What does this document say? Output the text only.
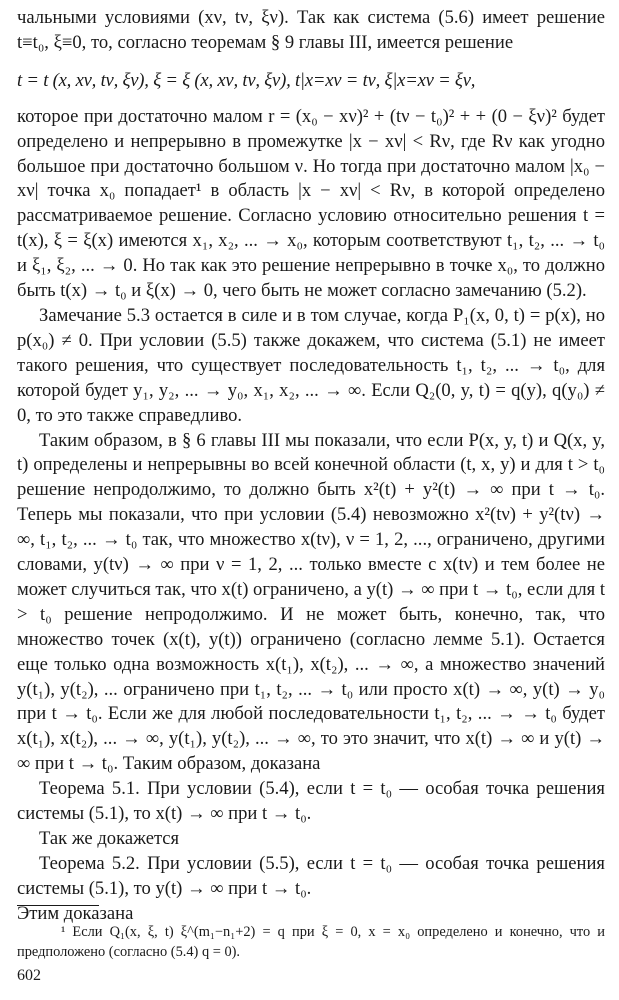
чальными условиями (xν, tν, ξν). Так как система (5.6) имеет решение t≡t₀, ξ≡0, то, согласно теоремам § 9 главы III, имеется решение

t = t (x, xν, tν, ξν), ξ = ξ (x, xν, tν, ξν), t|x=xν = tν, ξ|x=xν = ξν,

которое при достаточно малом r = (x₀ − xν)² + (tν − t₀)² + + (0 − ξν)² будет определено и непрерывно в промежутке |x − xν| < Rν, где Rν как угодно большое при достаточно большом ν. Но тогда при достаточно малом |x₀ − xν| точка x₀ попадает¹ в область |x − xν| < Rν, в которой определено рассматриваемое решение. Согласно условию относительно решения t = t(x), ξ = ξ(x) имеются x₁, x₂, ... → x₀, которым соответствуют t₁, t₂, ... → t₀ и ξ₁, ξ₂, ... → 0. Но так как это решение непрерывно в точке x₀, то должно быть t(x) → t₀ и ξ(x) → 0, чего быть не может согласно замечанию (5.2).

Замечание 5.3 остается в силе и в том случае, когда P₁(x, 0, t) = p(x), но p(x₀) ≠ 0. При условии (5.5) также докажем, что система (5.1) не имеет такого решения, что существует последовательность t₁, t₂, ... → t₀, для которой будет y₁, y₂, ... → y₀, x₁, x₂, ... → ∞. Если Q₂(0, y, t) = q(y), q(y₀) ≠ 0, то это также справедливо.

Таким образом, в § 6 главы III мы показали, что если P(x, y, t) и Q(x, y, t) определены и непрерывны во всей конечной области (t, x, y) и для t > t₀ решение непродолжимо, то должно быть x²(t) + y²(t) → ∞ при t → t₀. Теперь мы показали, что при условии (5.4) невозможно x²(tν) + y²(tν) → ∞, t₁, t₂, ... → t₀ так, что множество x(tν), ν = 1, 2, ..., ограничено, другими словами, y(tν) → ∞ при ν = 1, 2, ... только вместе с x(tν) и тем более не может случиться так, что x(t) ограничено, а y(t) → ∞ при t → t₀, если для t > t₀ решение непродолжимо. И не может быть, конечно, так, что множество точек (x(t), y(t)) ограничено (согласно лемме 5.1). Остается еще только одна возможность x(t₁), x(t₂), ... → ∞, а множество значений y(t₁), y(t₂), ... ограничено при t₁, t₂, ... → t₀ или просто x(t) → ∞, y(t) → y₀ при t → t₀. Если же для любой последовательности t₁, t₂, ... → → t₀ будет x(t₁), x(t₂), ... → ∞, y(t₁), y(t₂), ... → ∞, то это значит, что x(t) → ∞ и y(t) → ∞ при t → t₀. Таким образом, доказана

Теорема 5.1. При условии (5.4), если t = t₀ — особая точка решения системы (5.1), то x(t) → ∞ при t → t₀.

Так же докажется

Теорема 5.2. При условии (5.5), если t = t₀ — особая точка решения системы (5.1), то y(t) → ∞ при t → t₀.

Этим доказана

¹ Если Q₁(x, ξ, t) ξ^(m₁−n₁+2) = q при ξ = 0, x = x₀ определено и конечно, что и предположено (согласно (5.4) q = 0).

602
